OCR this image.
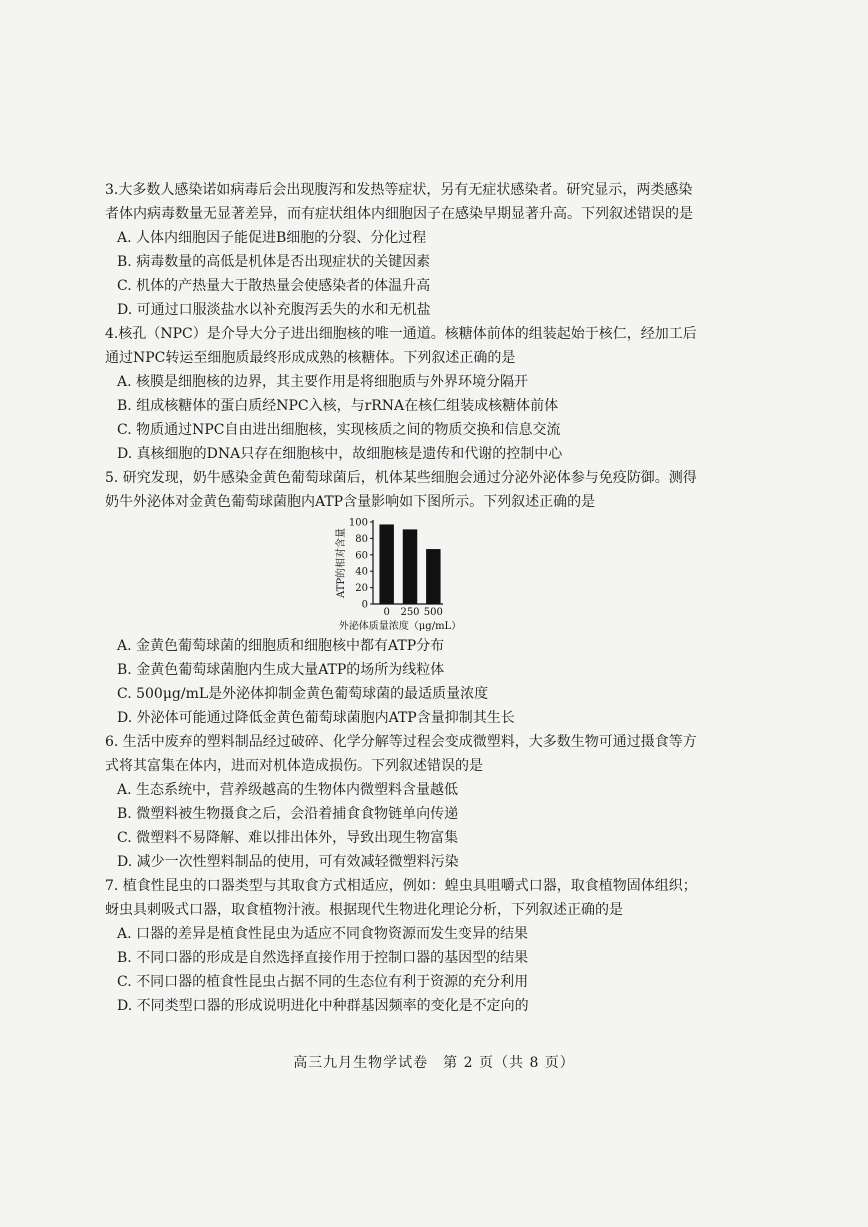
3.大多数人感染诺如病毒后会出现腹泻和发热等症状，另有无症状感染者。研究显示，两类感染者体内病毒数量无显著差异，而有症状组体内细胞因子在感染早期显著升高。下列叙述错误的是
A. 人体内细胞因子能促进B细胞的分裂、分化过程
B. 病毒数量的高低是机体是否出现症状的关键因素
C. 机体的产热量大于散热量会使感染者的体温升高
D. 可通过口服淡盐水以补充腹泻丢失的水和无机盐
4.核孔（NPC）是介导大分子进出细胞核的唯一通道。核糖体前体的组装起始于核仁，经加工后通过NPC转运至细胞质最终形成成熟的核糖体。下列叙述正确的是
A. 核膜是细胞核的边界，其主要作用是将细胞质与外界环境分隔开
B. 组成核糖体的蛋白质经NPC入核，与rRNA在核仁组装成核糖体前体
C. 物质通过NPC自由进出细胞核，实现核质之间的物质交换和信息交流
D. 真核细胞的DNA只存在细胞核中，故细胞核是遗传和代谢的控制中心
5. 研究发现，奶牛感染金黄色葡萄球菌后，机体某些细胞会通过分泌外泌体参与免疫防御。测得奶牛外泌体对金黄色葡萄球菌胞内ATP含量影响如下图所示。下列叙述正确的是
0
20
40
60
80
100
ATP的相对含量
0 250 500
外泌体质量浓度（μg/mL）
A. 金黄色葡萄球菌的细胞质和细胞核中都有ATP分布
B. 金黄色葡萄球菌胞内生成大量ATP的场所为线粒体
C. 500μg/mL是外泌体抑制金黄色葡萄球菌的最适质量浓度
D. 外泌体可能通过降低金黄色葡萄球菌胞内ATP含量抑制其生长
6. 生活中废弃的塑料制品经过破碎、化学分解等过程会变成微塑料，大多数生物可通过摄食等方式将其富集在体内，进而对机体造成损伤。下列叙述错误的是
A. 生态系统中，营养级越高的生物体内微塑料含量越低
B. 微塑料被生物摄食之后，会沿着捕食食物链单向传递
C. 微塑料不易降解、难以排出体外，导致出现生物富集
D. 减少一次性塑料制品的使用，可有效减轻微塑料污染
7. 植食性昆虫的口器类型与其取食方式相适应，例如：蝗虫具咀嚼式口器，取食植物固体组织；蚜虫具刺吸式口器，取食植物汁液。根据现代生物进化理论分析，下列叙述正确的是
A. 口器的差异是植食性昆虫为适应不同食物资源而发生变异的结果
B. 不同口器的形成是自然选择直接作用于控制口器的基因型的结果
C. 不同口器的植食性昆虫占据不同的生态位有利于资源的充分利用
D. 不同类型口器的形成说明进化中种群基因频率的变化是不定向的
高三九月生物学试卷　第 2 页（共 8 页）
